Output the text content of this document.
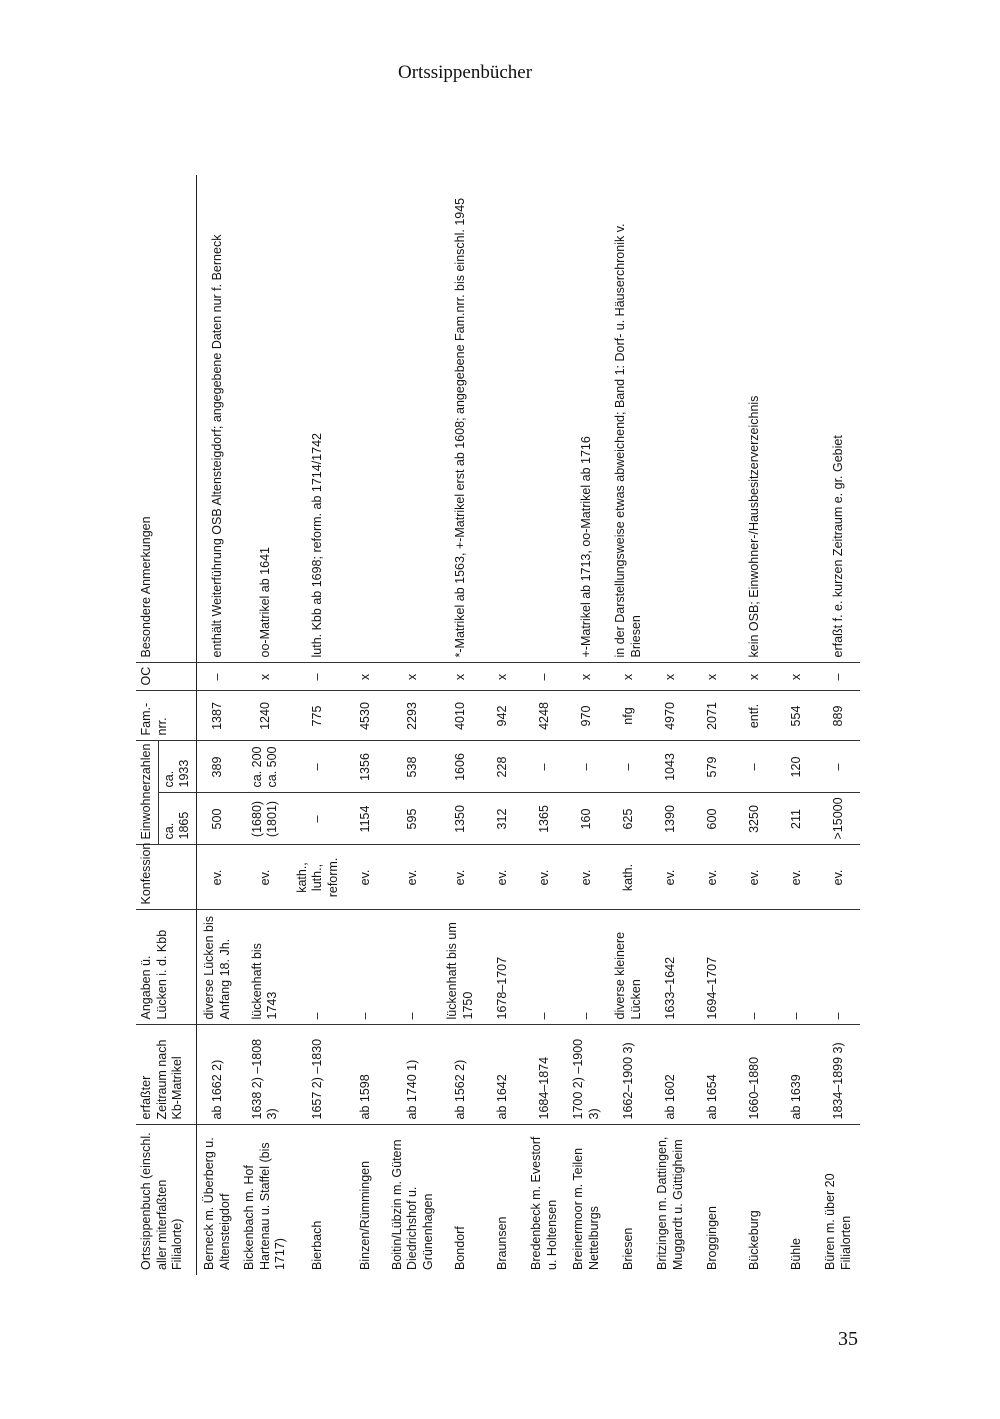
Ortssippenbücher
Ortssippenbuch (einschl. aller miterfaßten Filialorte)	erfaßter Zeitraum nach Kb-Matrikel	Angaben ü. Lücken i. d. Kbb	Konfession	Einwohnerzahlen		Fam.-nrr.	OC	Besondere Anmerkungen
				ca. 1865	ca. 1933			
Berneck m. Überberg u. Altensteigdorf	ab 1662 2)	diverse Lücken bis Anfang 18. Jh.	ev.	500	389	1387	–	enthält Weiterführung OSB Altensteigdorf; angegebene Daten nur f. Berneck
Bickenbach m. Hof Hartenau u. Staffel (bis 1717)	1638 2) –1808 3)	lückenhaft bis 1743	ev.	(1680) (1801)	ca. 200 ca. 500	1240	x	oo-Matrikel ab 1641
Bierbach	1657 2) –1830	–	kath., luth., reform.	–	–	775	–	luth. Kbb ab 1698; reform. ab 1714/1742
Binzen/Rümmingen	ab 1598	–	ev.	1154	1356	4530	x	
Boitin/Lübzin m. Gütern Diedrichshof u. Grünenhagen	ab 1740 1)	–	ev.	595	538	2293	x	
Bondorf	ab 1562 2)	lückenhaft bis um 1750	ev.	1350	1606	4010	x	*-Matrikel ab 1563, +-Matrikel erst ab 1608; angegebene Fam.nrr. bis einschl. 1945
Braunsen	ab 1642	1678–1707	ev.	312	228	942	x	
Bredenbeck m. Evestorf u. Holtensen	1684–1874	–	ev.	1365	–	4248	–	
Breinermoor m. Teilen Nettelburgs	1700 2) –1900 3)	–	ev.	160	–	970	x	+-Matrikel ab 1713, oo-Matrikel ab 1716
Briesen	1662–1900 3)	diverse kleinere Lücken	kath.	625	–	nfg	x	in der Darstellungsweise etwas abweichend; Band 1: Dorf- u. Häuserchronik v. Briesen
Britzingen m. Dattingen, Muggardt u. Güttigheim	ab 1602	1633–1642	ev.	1390	1043	4970	x	
Broggingen	ab 1654	1694–1707	ev.	600	579	2071	x	
Bückeburg	1660–1880	–	ev.	3250	–	entf.	x	kein OSB; Einwohner-/Hausbesitzerverzeichnis
Bühle	ab 1639	–	ev.	211	120	554	x	
Büren m. über 20 Filialorten	1834–1899 3)	–	ev.	>15000	–	889	–	erfaßt f. e. kurzen Zeitraum e. gr. Gebiet
35
